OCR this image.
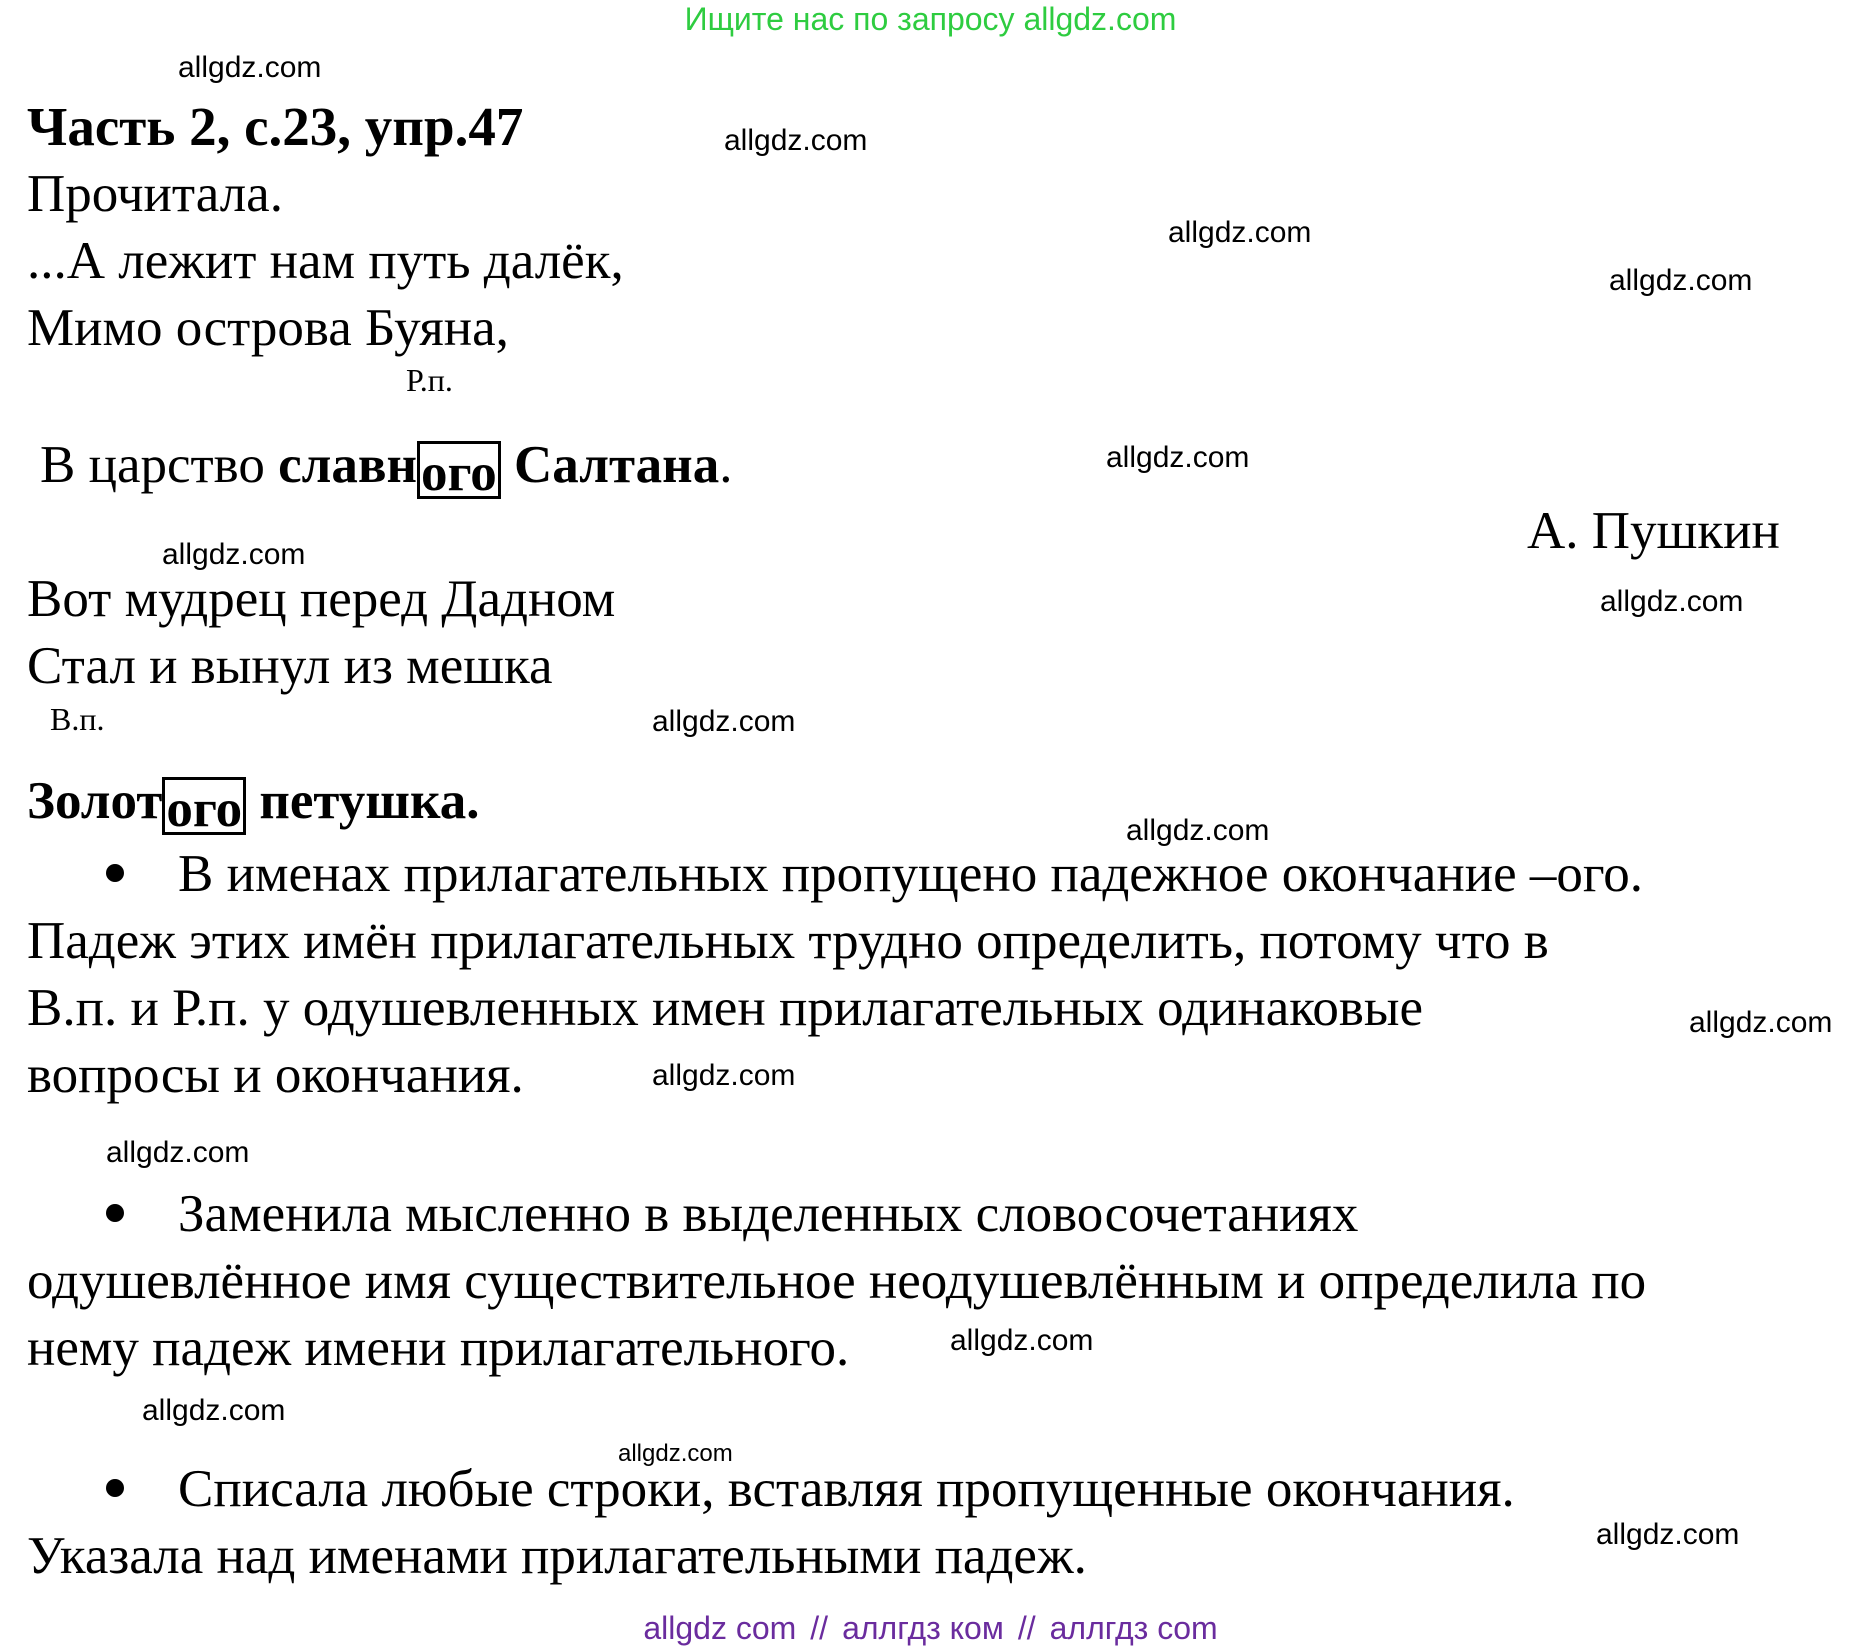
Ищите нас по запросу allgdz.com
allgdz.com
allgdz.com
allgdz.com
allgdz.com
allgdz.com
allgdz.com
allgdz.com
allgdz.com
allgdz.com
allgdz.com
allgdz.com
allgdz.com
allgdz.com
allgdz.com
allgdz.com
allgdz.com
Часть 2, с.23, упр.47
Прочитала.
...А лежит нам путь далёк,
Мимо острова Буяна,
Р.п.
В царство славного Салтана.
А. Пушкин
Вот мудрец перед Дадном
Стал и вынул из мешка
В.п.
Золотого петушка.
В именах прилагательных пропущено падежное окончание –ого.
Падеж этих имён прилагательных трудно определить, потому что в
В.п. и Р.п. у одушевленных имен прилагательных одинаковые
вопросы и окончания.
Заменила мысленно в выделенных словосочетаниях
одушевлённое имя существительное неодушевлённым и определила по
нему падеж имени прилагательного.
Списала любые строки, вставляя пропущенные окончания.
Указала над именами прилагательными падеж.
allgdz com // аллгдз ком // аллгдз com
